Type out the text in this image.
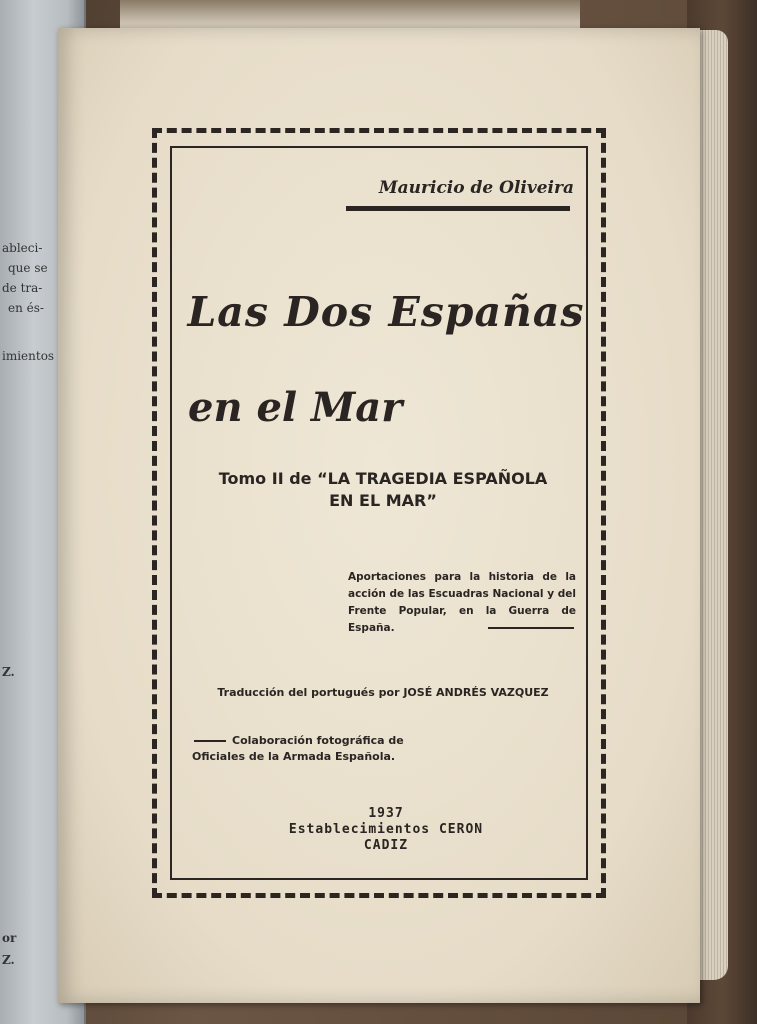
ableci-
que se
de tra-
en és-
imientos
Z.
or
Z.
Mauricio de Oliveira
Las Dos Españas
en el Mar
Tomo II de “LA TRAGEDIA ESPAÑOLA
EN EL MAR”
Aportaciones para la historia de la acción de las Escuadras Nacional y del Frente Popular, en la Guerra de España.
Traducción del portugués por JOSÉ ANDRÉS VAZQUEZ
Colaboración fotográfica de Oficiales de la Armada Española.
1937
Establecimientos CERON
CADIZ
